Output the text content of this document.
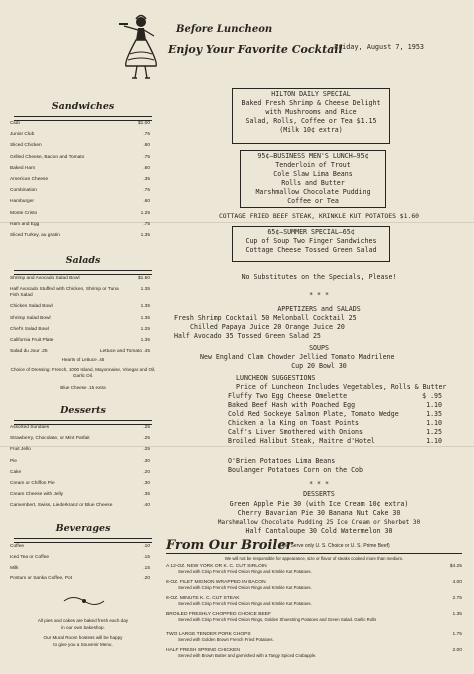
Before Luncheon
Enjoy Your Favorite Cocktail
Friday, August 7, 1953
Sandwiches
Club	$1.00
Junior Club	.75
Sliced Chicken	.80
Grilled Cheese, Bacon and Tomato	.75
Baked Ham	.60
American Cheese	.35
Combination	.75
Hamburger	.60
Monte Cristo	1.25
Ham and Egg	.75
Sliced Turkey, au gratin	1.35
Salads
Shrimp and Avocado Salad Bowl	$1.50
Half Avocado Stuffed with Chicken, Shrimp or Tuna Fish Salad
1.35
Chicken Salad Bowl	1.35
Shrimp Salad Bowl	1.35
Chef's Salad Bowl	1.25
California Fruit Plate	1.35
Salad du Jour .25	Lettuce and Tomato .45
Hearts of Lettuce .45
Choice of Dressing: French, 1000 Island, Mayonnaise, Vinegar and Oil, Garlic Oil.
Blue Cheese .15 extra
Desserts
Assorted Sundaes	.25
Strawberry, Chocolate, or Mint Parfait	.25
Fruit Jello	.25
Pie	.30
Cake	.20
Cream or Chiffon Pie	.30
Cream Cheese with Jelly	.35
Camembert, Swiss, Liederkranz or Blue Cheese	.40
Beverages
Coffee	.10
Iced Tea or Coffee	.15
Milk	.15
Postum or Sanka Coffee, Pot	.20
All pies and cakes are baked fresh each day
in our own bakeshop.
Our Mural Room hostess will be happy
to give you a Souvenir Menu.
HILTON DAILY SPECIAL
Baked Fresh Shrimp & Cheese Delight
with Mushrooms and Rice
Salad, Rolls, Coffee or Tea $1.15
(Milk 10¢ extra)
95¢—BUSINESS MEN'S LUNCH—95¢
Tenderloin of Trout
Cole Slaw Lima Beans
Rolls and Butter
Marshmallow Chocolate Pudding
Coffee or Tea
COTTAGE FRIED BEEF STEAK, KRINKLE KUT POTATOES $1.60
65¢—SUMMER SPECIAL—65¢
Cup of Soup Two Finger Sandwiches
Cottage Cheese Tossed Green Salad
No Substitutes on the Specials, Please!
* * *
APPETIZERS and SALADS
Fresh Shrimp Cocktail 50 Melonball Cocktail 25
Chilled Papaya Juice 20 Orange Juice 20
Half Avocado 35 Tossed Green Salad 25
SOUPS
New England Clam Chowder Jellied Tomato Madrilene
Cup 20 Bowl 30
LUNCHEON SUGGESTIONS
Price of Luncheon Includes Vegetables, Rolls & Butter
Fluffy Two Egg Cheese Omelette	$ .95
Baked Beef Hash with Poached Egg	1.10
Cold Red Sockeye Salmon Plate, Tomato Wedge	1.35
Chicken a la King on Toast Points	1.10
Calf's Liver Smothered with Onions	1.25
Broiled Halibut Steak, Maitre d'Hotel	1.10
O'Brien Potatoes Lima Beans
Boulanger Potatoes Corn on the Cob
* * *
DESSERTS
Green Apple Pie 30 (with Ice Cream 10¢ extra)
Cherry Bavarian Pie 30 Banana Nut Cake 30
Marshmallow Chocolate Pudding 25 Ice Cream or Sherbet 30
Half Cantaloupe 30 Cold Watermelon 30
From Our Broiler
(We Serve only U. S. Choice or U. S. Prime Beef)
We will not be responsible for appearance, size or flavor of steaks cooked more than medium.
A 12-OZ. NEW YORK OR K. C. CUT SIRLOIN	$4.25
Served with Crisp French Fried Onion Rings and Krinkle Kut Potatoes.
8-OZ. FILET MIGNON WRAPPED IN BACON	4.00
Served with Crisp French Fried Onion Rings and Krinkle Kut Potatoes.
8-OZ. MINUTE K. C. CUT STEAK	2.75
Served with Crisp French Fried Onion Rings and Krinkle Kut Potatoes.
BROILED FRESHLY CHOPPED CHOICE BEEF	1.35
Served with Crisp French Fried Onion Rings, Golden Shoestring Potatoes and Green Salad. Garlic Rolls
TWO LARGE TENDER PORK CHOPS	1.75
Served with Golden Brown French Fried Potatoes.
HALF FRESH SPRING CHICKEN	2.00
Served with Brown Butter and garnished with a Tangy Spiced Crabapple.
